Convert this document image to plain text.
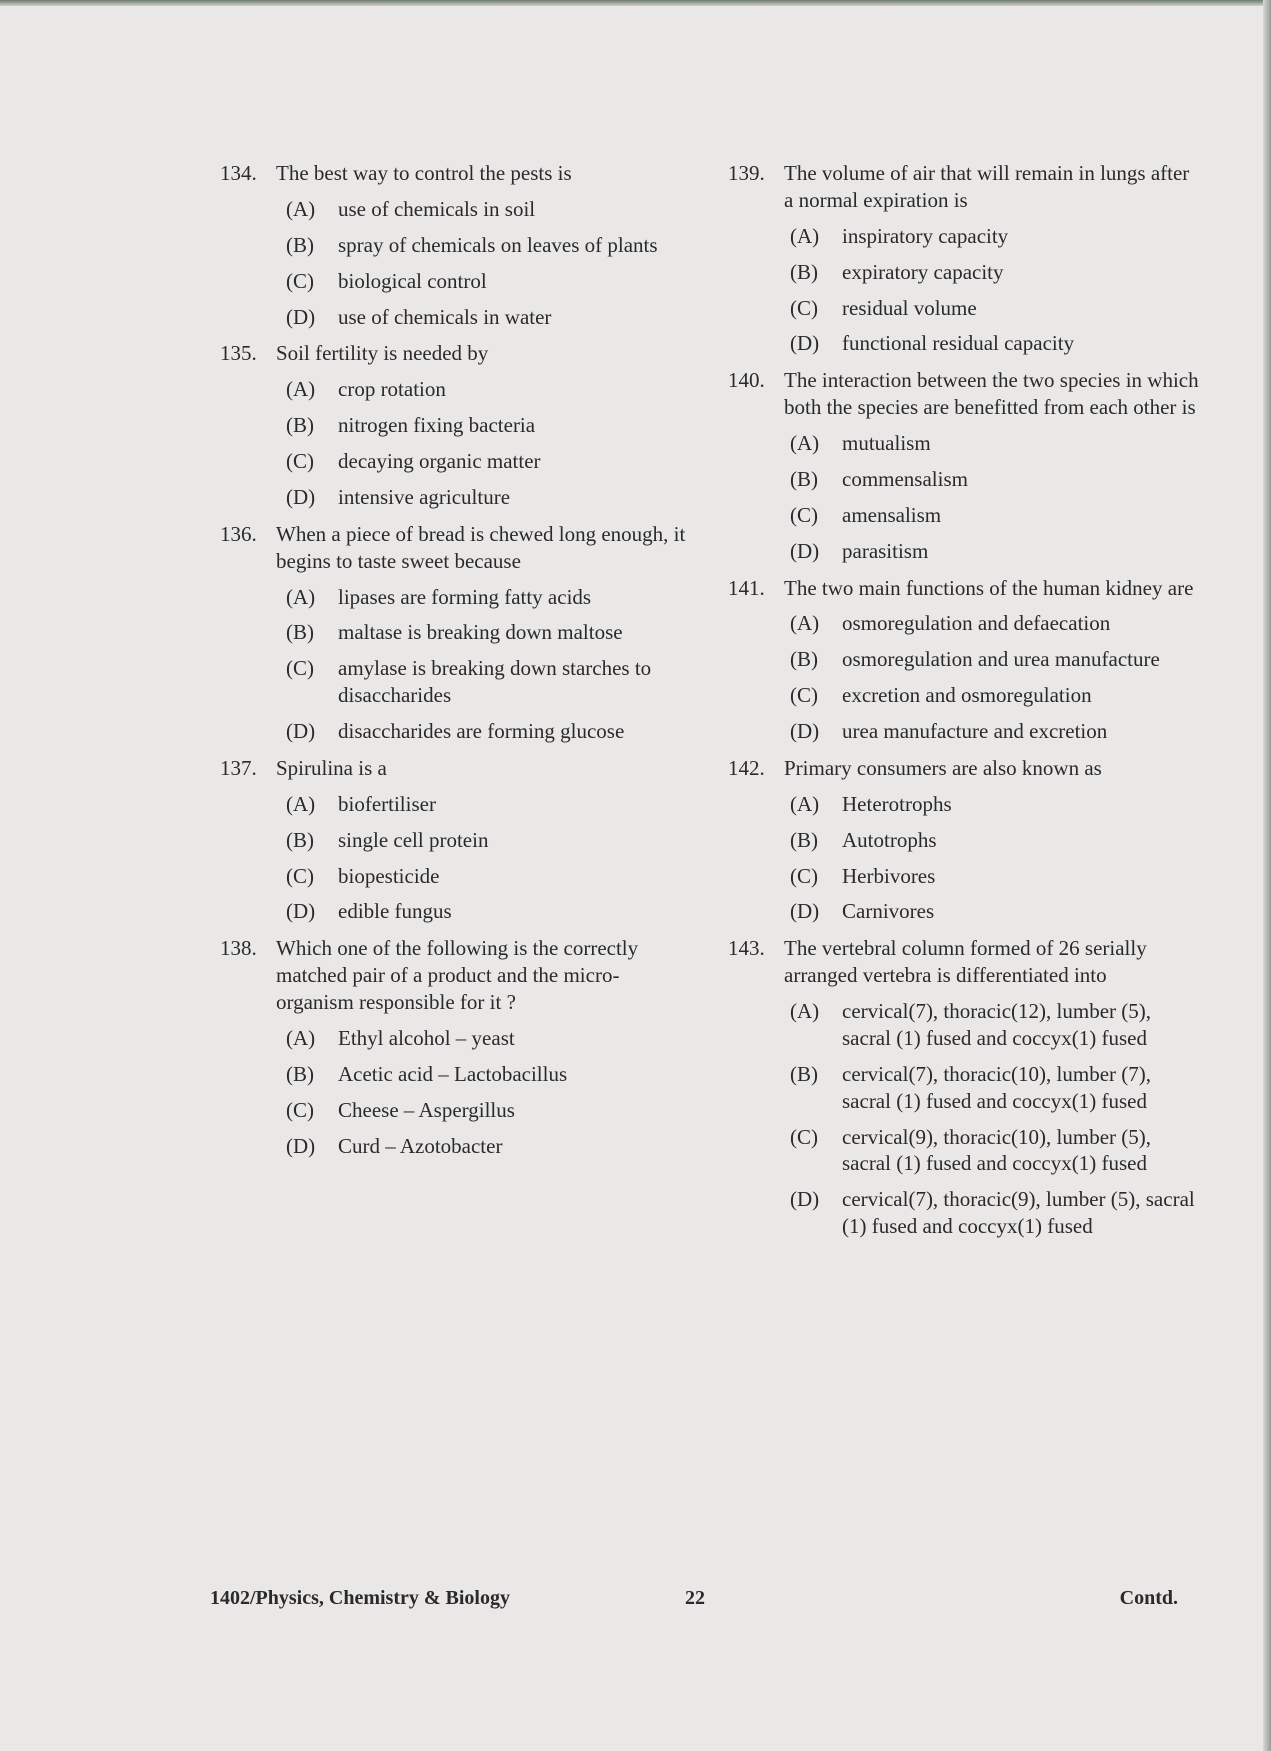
134. The best way to control the pests is
(A)	use of chemicals in soil
(B)	spray of chemicals on leaves of plants
(C)	biological control
(D)	use of chemicals in water
135. Soil fertility is needed by
(A)	crop rotation
(B)	nitrogen fixing bacteria
(C)	decaying organic matter
(D)	intensive agriculture
136. When a piece of bread is chewed long enough, it begins to taste sweet because
(A)	lipases are forming fatty acids
(B)	maltase is breaking down maltose
(C)	amylase is breaking down starches to disaccharides
(D)	disaccharides are forming glucose
137. Spirulina is a
(A)	biofertiliser
(B)	single cell protein
(C)	biopesticide
(D)	edible fungus
138. Which one of the following is the correctly matched pair of a product and the micro-organism responsible for it ?
(A)	Ethyl alcohol – yeast
(B)	Acetic acid – Lactobacillus
(C)	Cheese – Aspergillus
(D)	Curd – Azotobacter
139. The volume of air that will remain in lungs after a normal expiration is
(A)	inspiratory capacity
(B)	expiratory capacity
(C)	residual volume
(D)	functional residual capacity
140. The interaction between the two species in which both the species are benefitted from each other is
(A)	mutualism
(B)	commensalism
(C)	amensalism
(D)	parasitism
141. The two main functions of the human kidney are
(A)	osmoregulation and defaecation
(B)	osmoregulation and urea manufacture
(C)	excretion and osmoregulation
(D)	urea manufacture and excretion
142. Primary consumers are also known as
(A)	Heterotrophs
(B)	Autotrophs
(C)	Herbivores
(D)	Carnivores
143. The vertebral column formed of 26 serially arranged vertebra is differentiated into
(A)	cervical(7), thoracic(12), lumber (5), sacral (1) fused and coccyx(1) fused
(B)	cervical(7), thoracic(10), lumber (7), sacral (1) fused and coccyx(1) fused
(C)	cervical(9), thoracic(10), lumber (5), sacral (1) fused and coccyx(1) fused
(D)	cervical(7), thoracic(9), lumber (5), sacral (1) fused and coccyx(1) fused
1402/Physics, Chemistry & Biology	22	Contd.
